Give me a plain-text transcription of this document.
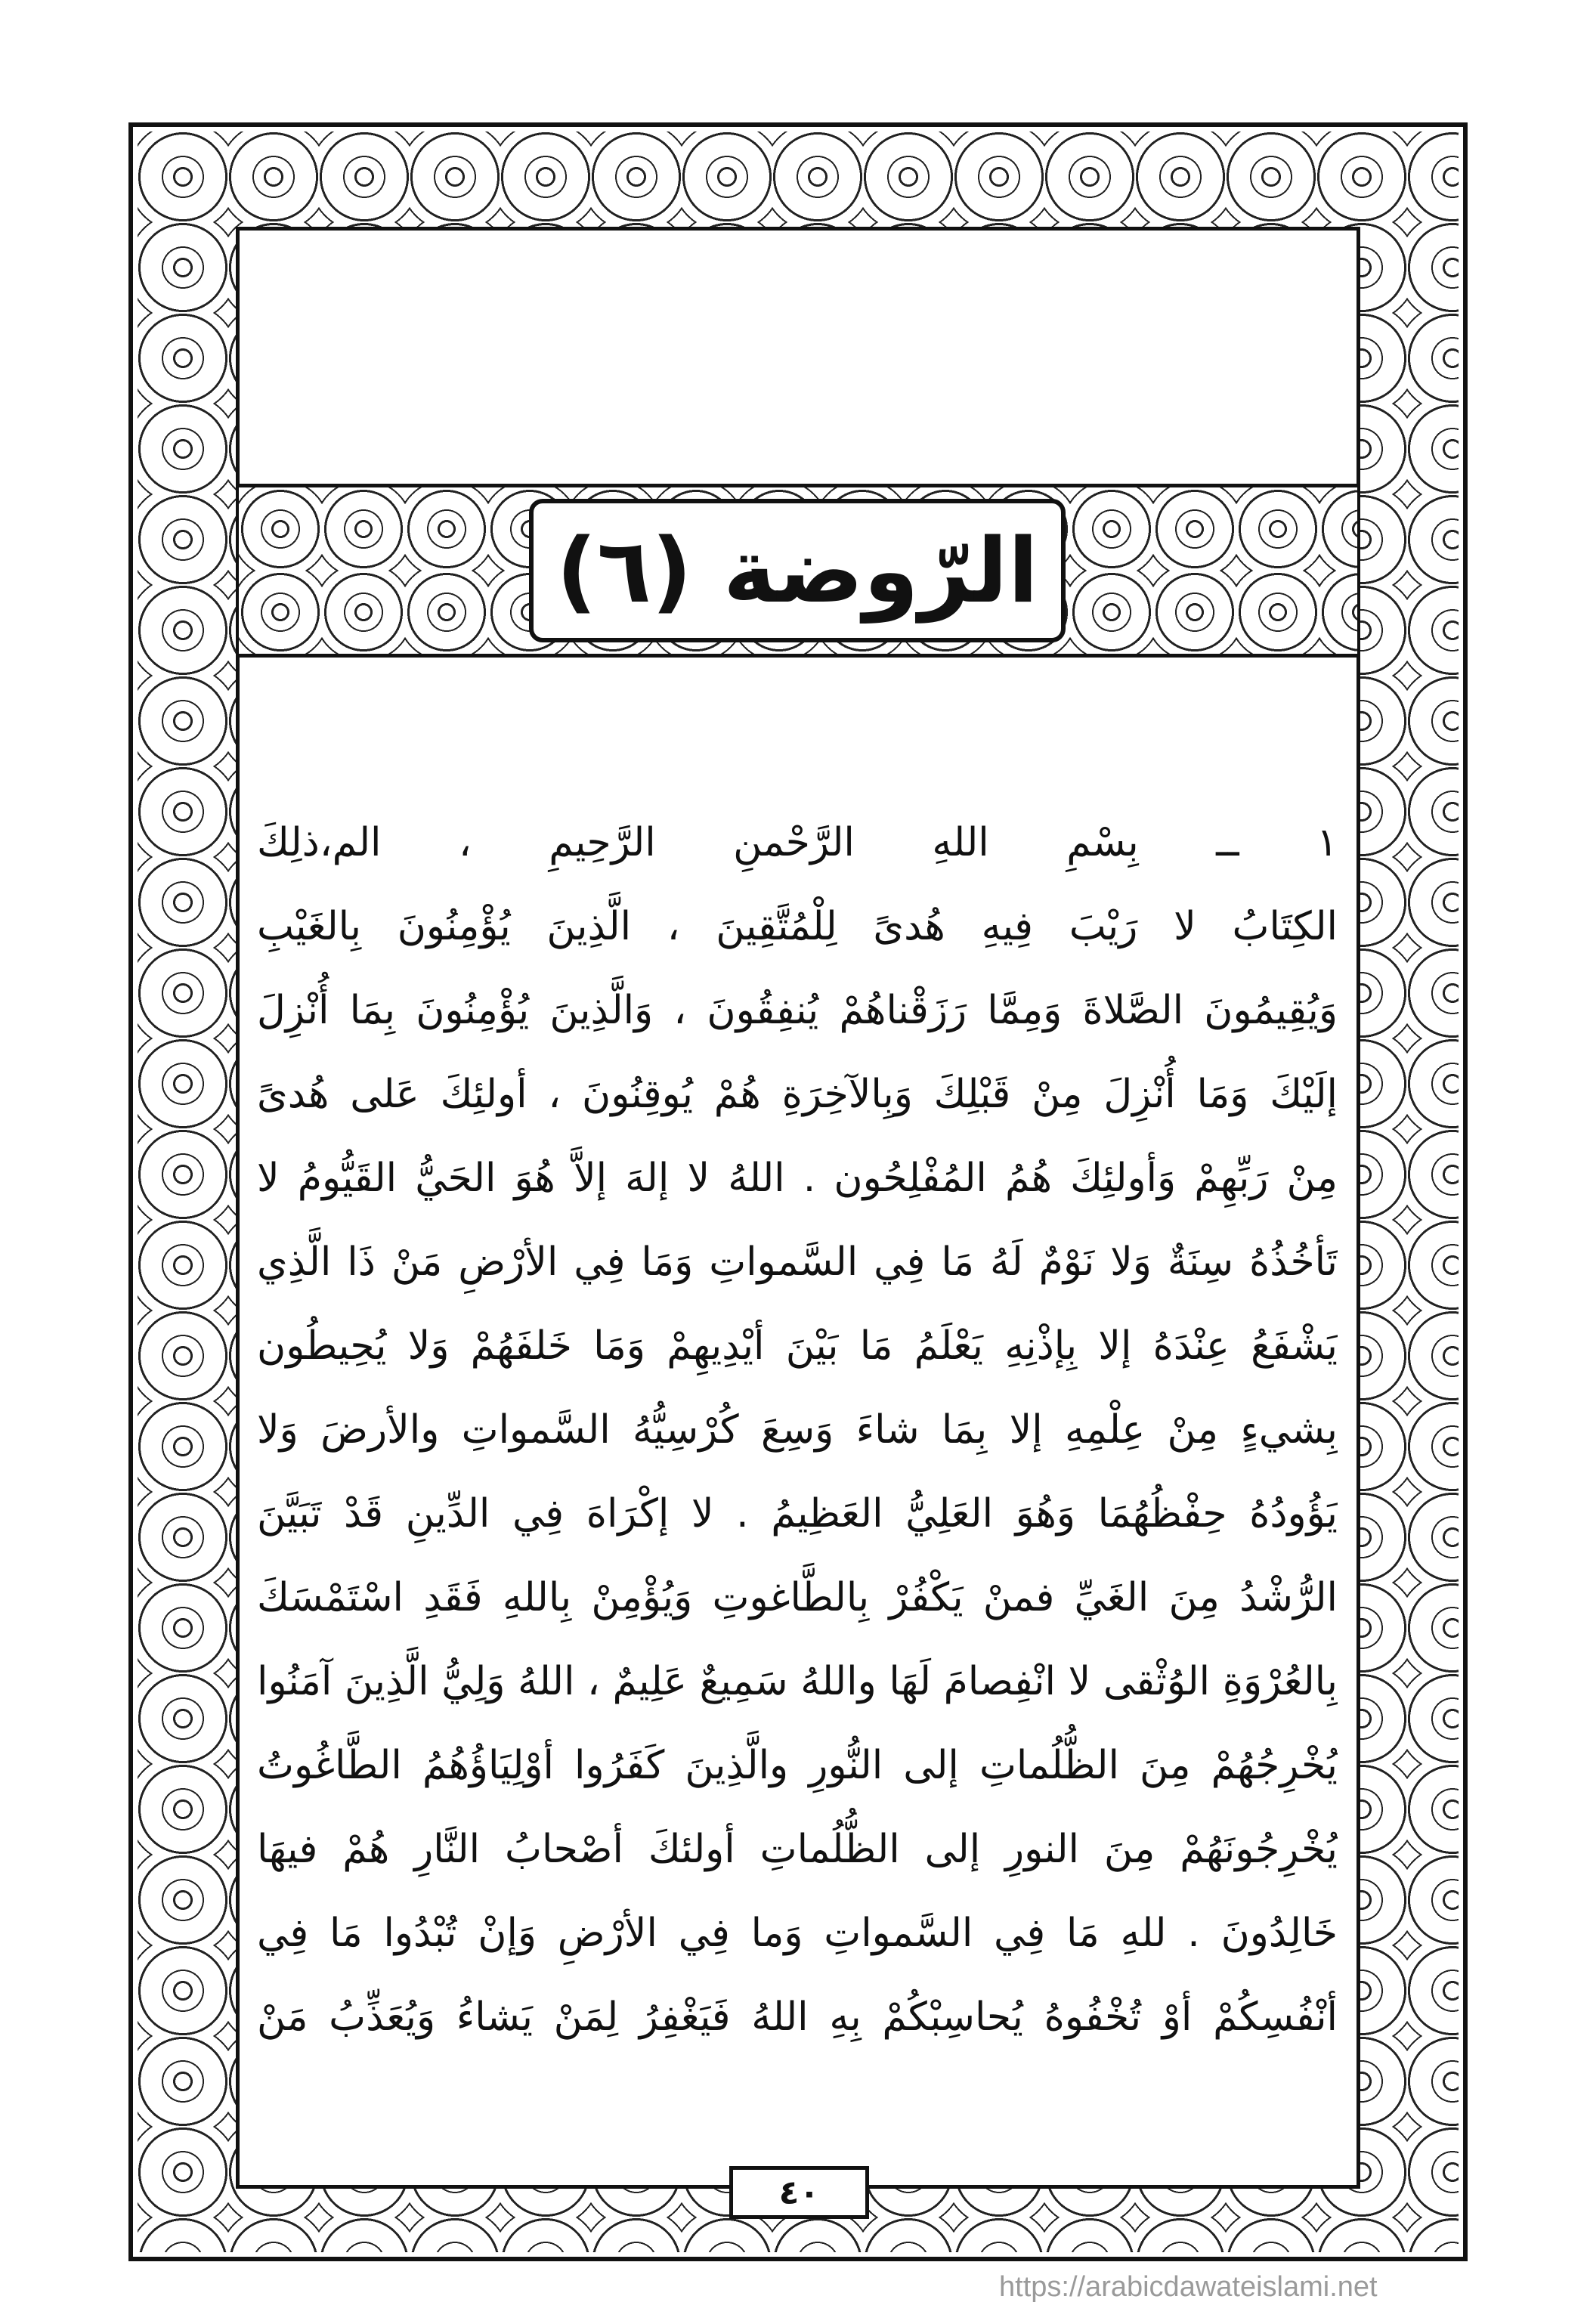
الرّوضة (٦)
١ ــ بِسْمِ اللهِ الرَّحْمنِ الرَّحِيمِ ، الم،ذلِكَ
الكِتَابُ لا رَيْبَ فِيهِ هُدىً لِلْمُتَّقِينَ ، الَّذِينَ يُؤْمِنُونَ بِالغَيْبِ
وَيُقِيمُونَ الصَّلاةَ وَمِمَّا رَزَقْناهُمْ يُنفِقُونَ ، وَالَّذِينَ يُؤْمِنُونَ بِمَا أُنْزِلَ
إلَيْكَ وَمَا أُنْزِلَ مِنْ قَبْلِكَ وَبِالآخِرَةِ هُمْ يُوقِنُونَ ، أولئِكَ عَلى هُدىً
مِنْ رَبِّهِمْ وَأولئِكَ هُمُ المُفْلِحُون . اللهُ لا إلهَ إلاَّ هُوَ الحَيُّ القَيُّومُ لا
تَأخُذُهُ سِنَةٌ وَلا نَوْمٌ لَهُ مَا فِي السَّمواتِ وَمَا فِي الأرْضِ مَنْ ذَا الَّذِي
يَشْفَعُ عِنْدَهُ إلا بِإذْنِهِ يَعْلَمُ مَا بَيْنَ أيْدِيهِمْ وَمَا خَلفَهُمْ وَلا يُحِيطُون
بِشيءٍ مِنْ عِلْمِهِ إلا بِمَا شاءَ وَسِعَ كُرْسِيُّهُ السَّمواتِ والأرضَ وَلا
يَؤُودُهُ حِفْظُهُمَا وَهُوَ العَلِيُّ العَظِيمُ . لا إكْرَاهَ فِي الدِّينِ قَدْ تَبَيَّنَ
الرُّشْدُ مِنَ الغَيِّ فمنْ يَكْفُرْ بِالطَّاغوتِ وَيُؤْمِنْ بِاللهِ فَقَدِ اسْتَمْسَكَ
بِالعُرْوَةِ الوُثْقى لا انْفِصامَ لَهَا واللهُ سَمِيعٌ عَلِيمٌ ، اللهُ وَلِيُّ الَّذِينَ آمَنُوا
يُخْرِجُهُمْ مِنَ الظُّلُماتِ إلى النُّورِ والَّذِينَ كَفَرُوا أوْلِيَاؤُهُمُ الطَّاغُوتُ
يُخْرِجُونَهُمْ مِنَ النورِ إلى الظُّلُماتِ أولئكَ أصْحابُ النَّارِ هُمْ فيهَا
خَالِدُونَ . للهِ مَا فِي السَّمواتِ وَما فِي الأرْضِ وَإنْ تُبْدُوا مَا فِي
أنْفُسِكُمْ أوْ تُخْفُوهُ يُحاسِبْكُمْ بِهِ اللهُ فَيَغْفِرُ لِمَنْ يَشاءُ وَيُعَذِّبُ مَنْ
٤٠
https://arabicdawateislami.net
